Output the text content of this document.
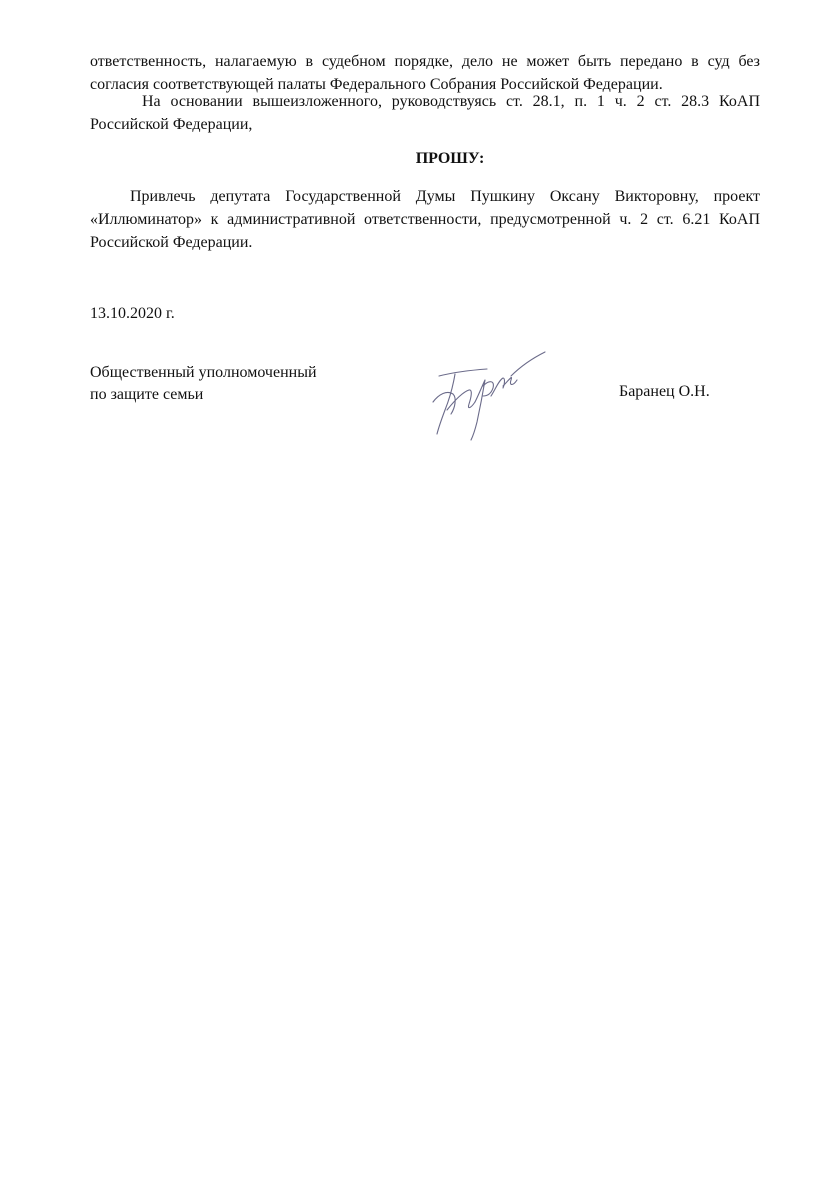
ответственность, налагаемую в судебном порядке, дело не может быть передано в суд без
согласия соответствующей палаты Федерального Собрания Российской Федерации.
На основании вышеизложенного, руководствуясь ст. 28.1, п. 1 ч. 2 ст. 28.3 КоАП
Российской Федерации,
ПРОШУ:
Привлечь депутата Государственной Думы Пушкину Оксану Викторовну, проект
«Иллюминатор» к административной ответственности, предусмотренной ч. 2 ст. 6.21 КоАП
Российской Федерации.
13.10.2020 г.
Общественный уполномоченный
по защите семьи	Баранец О.Н.
